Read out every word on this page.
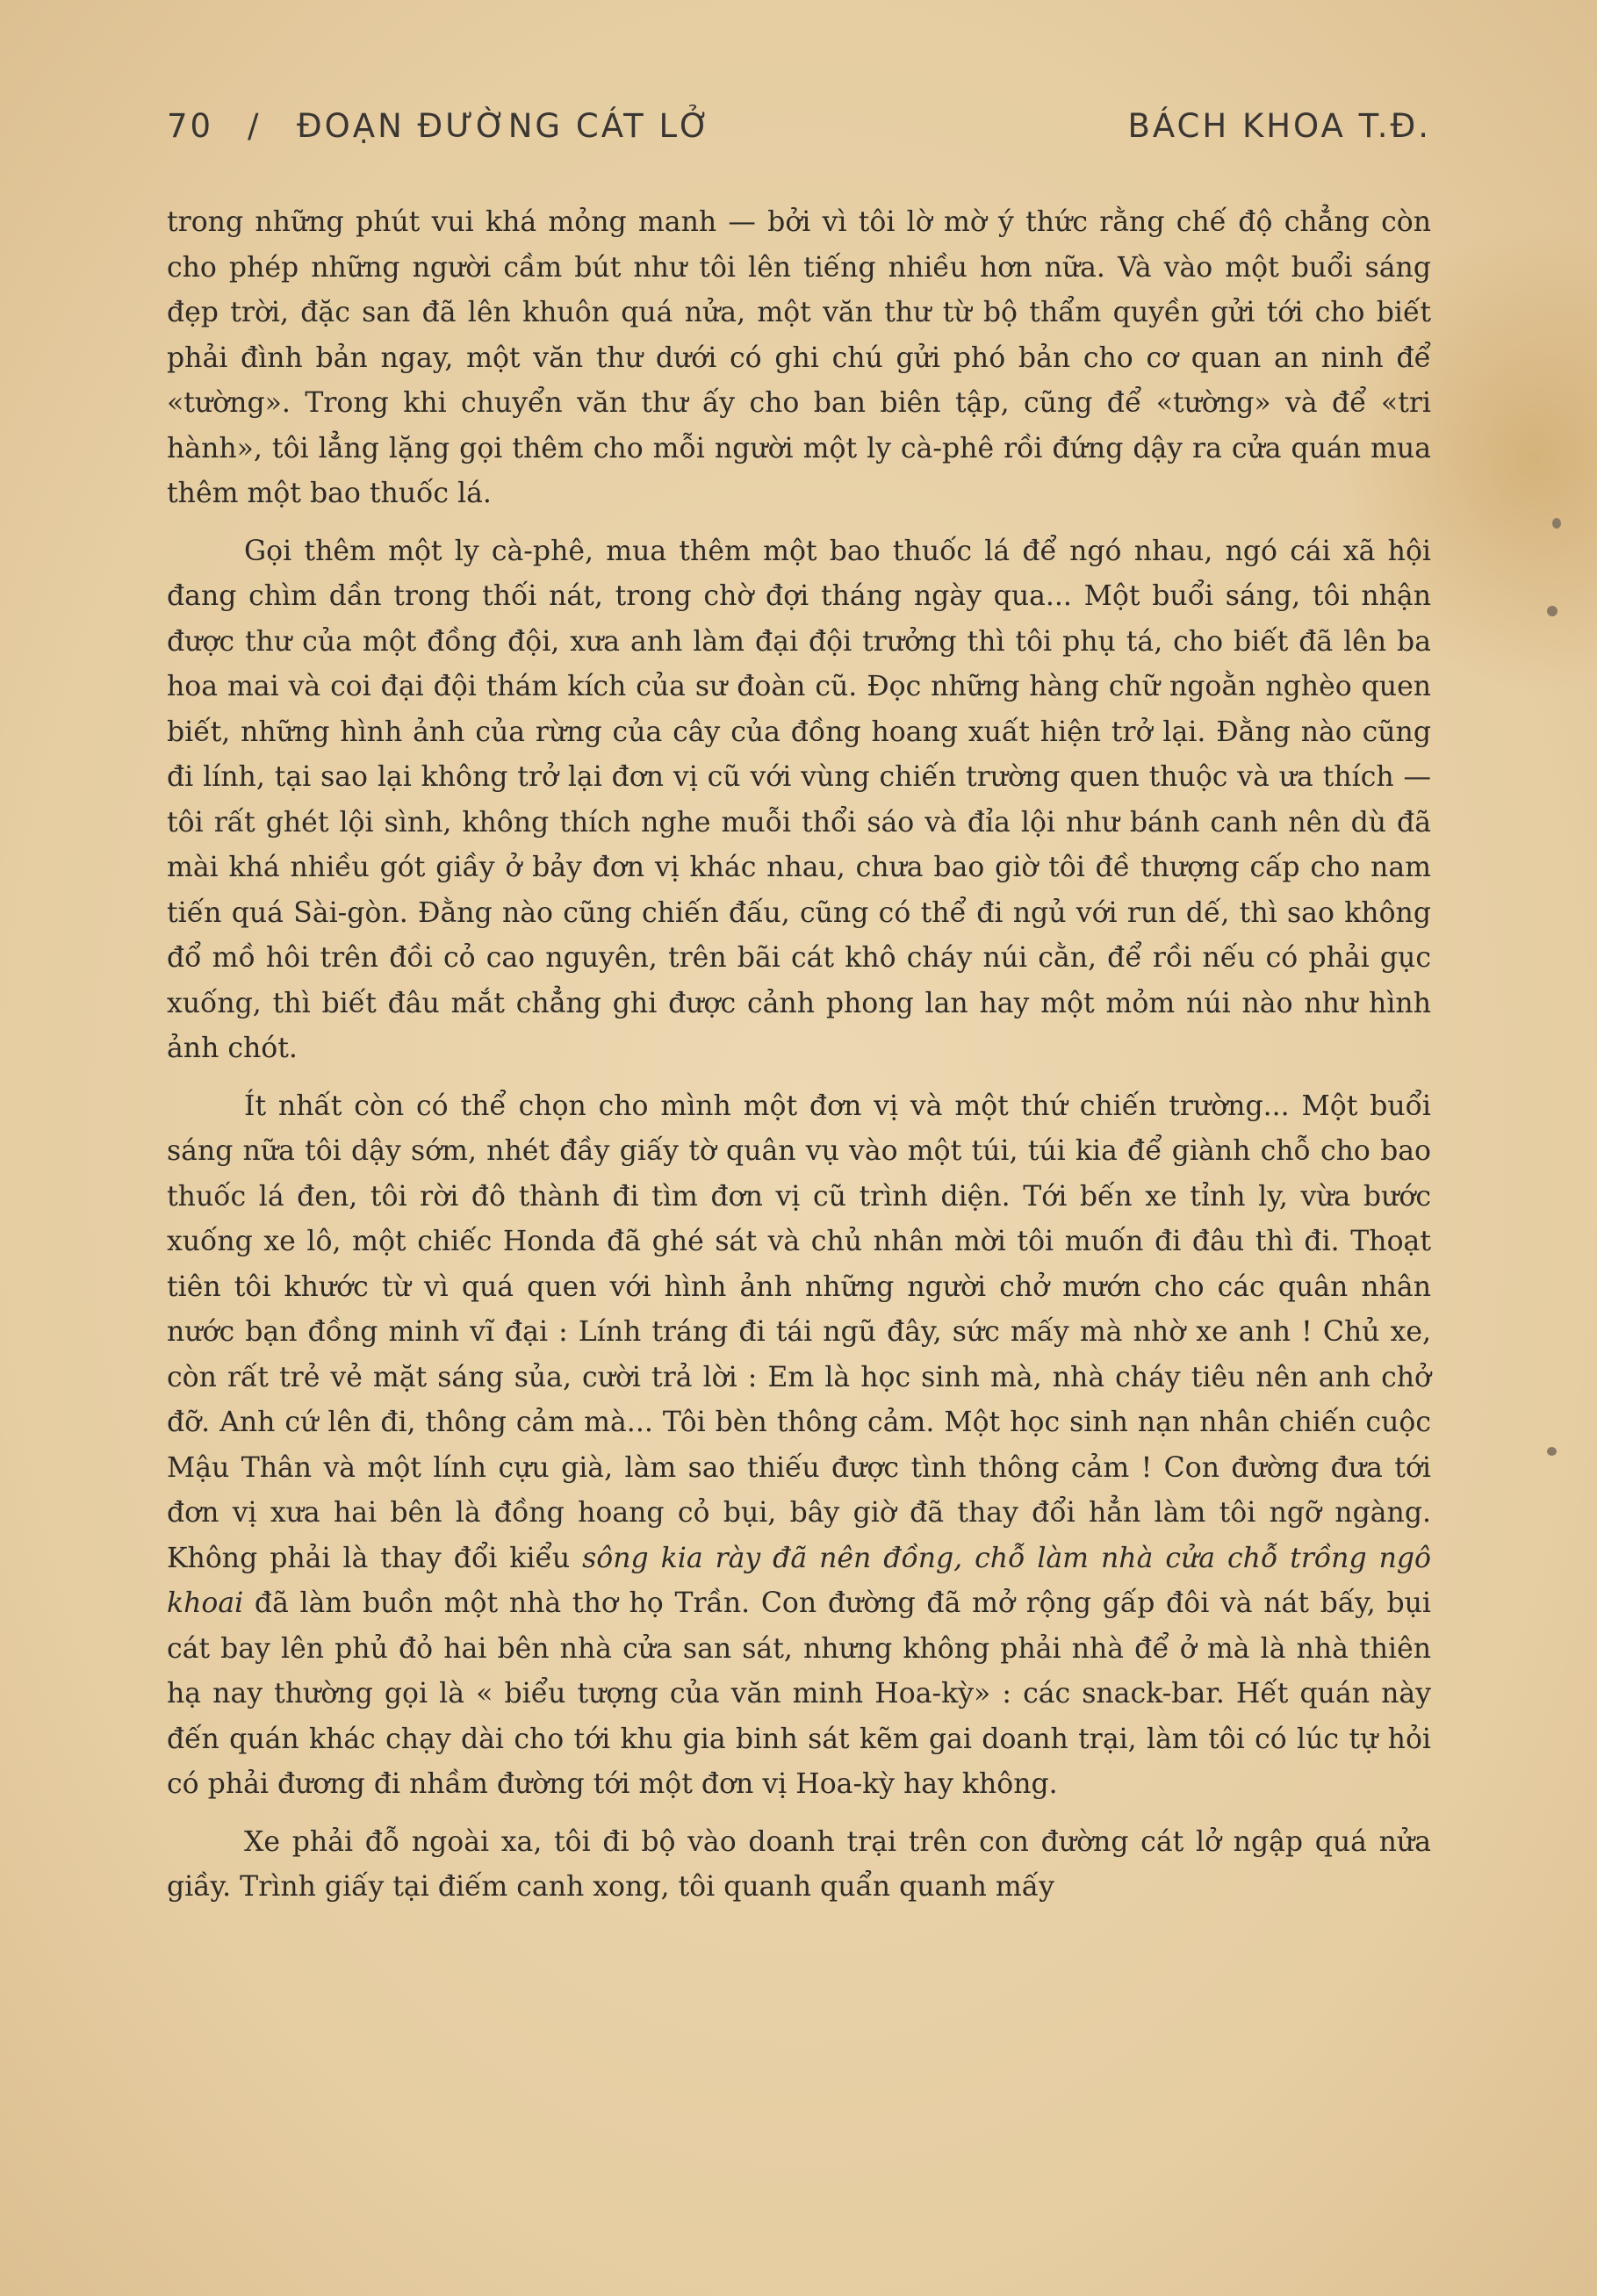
70 / ĐOẠN ĐƯỜNG CÁT LỞ	BÁCH KHOA T.Đ.

trong những phút vui khá mỏng manh — bởi vì tôi lờ mờ ý thức rằng chế độ chẳng còn cho phép những người cầm bút như tôi lên tiếng nhiều hơn nữa. Và vào một buổi sáng đẹp trời, đặc san đã lên khuôn quá nửa, một văn thư từ bộ thẩm quyền gửi tới cho biết phải đình bản ngay, một văn thư dưới có ghi chú gửi phó bản cho cơ quan an ninh để «tường». Trong khi chuyển văn thư ấy cho ban biên tập, cũng để «tường» và để «tri hành», tôi lẳng lặng gọi thêm cho mỗi người một ly cà-phê rồi đứng dậy ra cửa quán mua thêm một bao thuốc lá.

Gọi thêm một ly cà-phê, mua thêm một bao thuốc lá để ngó nhau, ngó cái xã hội đang chìm dần trong thối nát, trong chờ đợi tháng ngày qua... Một buổi sáng, tôi nhận được thư của một đồng đội, xưa anh làm đại đội trưởng thì tôi phụ tá, cho biết đã lên ba hoa mai và coi đại đội thám kích của sư đoàn cũ. Đọc những hàng chữ ngoằn nghèo quen biết, những hình ảnh của rừng của cây của đồng hoang xuất hiện trở lại. Đằng nào cũng đi lính, tại sao lại không trở lại đơn vị cũ với vùng chiến trường quen thuộc và ưa thích — tôi rất ghét lội sình, không thích nghe muỗi thổi sáo và đỉa lội như bánh canh nên dù đã mài khá nhiều gót giầy ở bảy đơn vị khác nhau, chưa bao giờ tôi đề thượng cấp cho nam tiến quá Sài-gòn. Đằng nào cũng chiến đấu, cũng có thể đi ngủ với run dế, thì sao không đổ mồ hôi trên đồi cỏ cao nguyên, trên bãi cát khô cháy núi cằn, để rồi nếu có phải gục xuống, thì biết đâu mắt chẳng ghi được cảnh phong lan hay một mỏm núi nào như hình ảnh chót.

Ít nhất còn có thể chọn cho mình một đơn vị và một thứ chiến trường... Một buổi sáng nữa tôi dậy sớm, nhét đầy giấy tờ quân vụ vào một túi, túi kia để giành chỗ cho bao thuốc lá đen, tôi rời đô thành đi tìm đơn vị cũ trình diện. Tới bến xe tỉnh ly, vừa bước xuống xe lô, một chiếc Honda đã ghé sát và chủ nhân mời tôi muốn đi đâu thì đi. Thoạt tiên tôi khước từ vì quá quen với hình ảnh những người chở mướn cho các quân nhân nước bạn đồng minh vĩ đại : Lính tráng đi tái ngũ đây, sức mấy mà nhờ xe anh ! Chủ xe, còn rất trẻ vẻ mặt sáng sủa, cười trả lời : Em là học sinh mà, nhà cháy tiêu nên anh chở đỡ. Anh cứ lên đi, thông cảm mà... Tôi bèn thông cảm. Một học sinh nạn nhân chiến cuộc Mậu Thân và một lính cựu già, làm sao thiếu được tình thông cảm ! Con đường đưa tới đơn vị xưa hai bên là đồng hoang cỏ bụi, bây giờ đã thay đổi hẳn làm tôi ngỡ ngàng. Không phải là thay đổi kiểu sông kia rày đã nên đồng, chỗ làm nhà cửa chỗ trồng ngô khoai đã làm buồn một nhà thơ họ Trần. Con đường đã mở rộng gấp đôi và nát bấy, bụi cát bay lên phủ đỏ hai bên nhà cửa san sát, nhưng không phải nhà để ở mà là nhà thiên hạ nay thường gọi là « biểu tượng của văn minh Hoa-kỳ» : các snack-bar. Hết quán này đến quán khác chạy dài cho tới khu gia binh sát kẽm gai doanh trại, làm tôi có lúc tự hỏi có phải đương đi nhầm đường tới một đơn vị Hoa-kỳ hay không.

Xe phải đỗ ngoài xa, tôi đi bộ vào doanh trại trên con đường cát lở ngập quá nửa giầy. Trình giấy tại điếm canh xong, tôi quanh quẩn quanh mấy
